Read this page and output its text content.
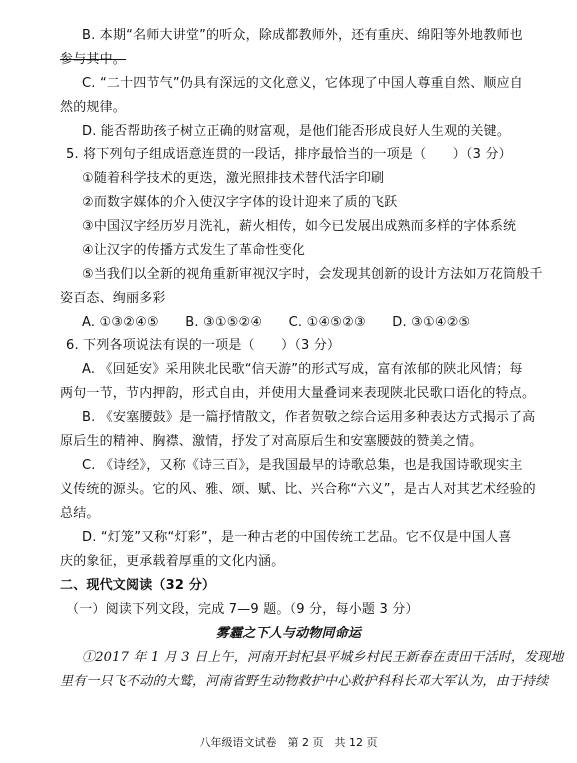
B. 本期“名师大讲堂”的听众，除成都教师外，还有重庆、绵阳等外地教师也
参与其中。
C. “二十四节气”仍具有深远的文化意义，它体现了中国人尊重自然、顺应自
然的规律。
D. 能否帮助孩子树立正确的财富观，是他们能否形成良好人生观的关键。
5. 将下列句子组成语意连贯的一段话，排序最恰当的一项是（　　）（3 分）
①随着科学技术的更迭，激光照排技术替代活字印刷
②而数字媒体的介入使汉字字体的设计迎来了质的飞跃
③中国汉字经历岁月洗礼，薪火相传，如今已发展出成熟而多样的字体系统
④让汉字的传播方式发生了革命性变化
⑤当我们以全新的视角重新审视汉字时，会发现其创新的设计方法如万花筒般千
姿百态、绚丽多彩
A. ①③②④⑤　　B. ③①⑤②④　　C. ①④⑤②③　　D. ③①④②⑤
6. 下列各项说法有误的一项是（　　）（3 分）
A. 《回延安》采用陕北民歌“信天游”的形式写成，富有浓郁的陕北风情；每
两句一节，节内押韵，形式自由，并使用大量叠词来表现陕北民歌口语化的特点。
B. 《安塞腰鼓》是一篇抒情散文，作者贺敬之综合运用多种表达方式揭示了高
原后生的精神、胸襟、激情，抒发了对高原后生和安塞腰鼓的赞美之情。
C. 《诗经》，又称《诗三百》，是我国最早的诗歌总集，也是我国诗歌现实主
义传统的源头。它的风、雅、颂、赋、比、兴合称“六义”，是古人对其艺术经验的
总结。
D. “灯笼”又称“灯彩”，是一种古老的中国传统工艺品。它不仅是中国人喜
庆的象征，更承载着厚重的文化内涵。
二、现代文阅读（32 分）
（一）阅读下列文段，完成 7—9 题。（9 分，每小题 3 分）
雾霾之下人与动物同命运
①2017 年 1 月 3 日上午，河南开封杞县平城乡村民王新春在责田干活时，发现地
里有一只飞不动的大鹫，河南省野生动物救护中心救护科科长邓大军认为，由于持续
八年级语文试卷　第 2 页　共 12 页
